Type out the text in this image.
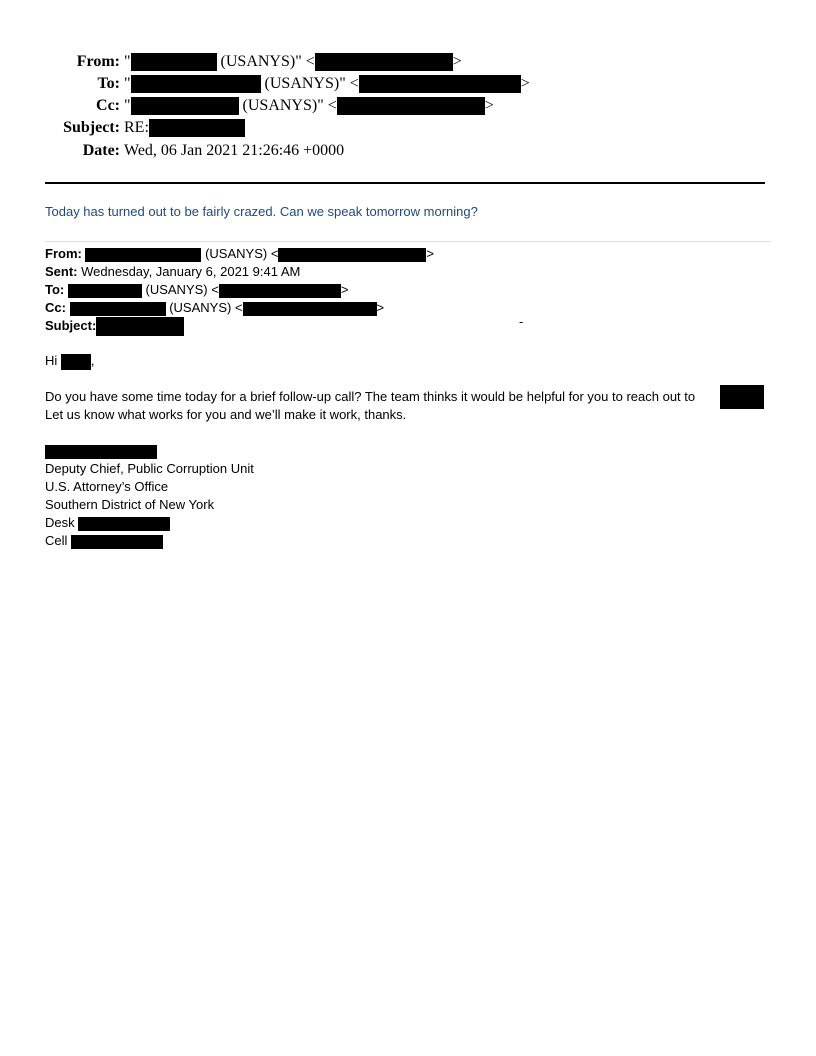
From: "	(USANYS)" <	>
To: "	(USANYS)" <	>
Cc: "	(USANYS)" <	>
Subject: RE:
Date: Wed, 06 Jan 2021 21:26:46 +0000
Today has turned out to be fairly crazed. Can we speak tomorrow morning?
From:	(USANYS) <	>
Sent: Wednesday, January 6, 2021 9:41 AM
To:	(USANYS) <	>
Cc:	(USANYS) <	>
Subject:	-
Hi	,
Do you have some time today for a brief follow-up call? The team thinks it would be helpful for you to reach out to
Let us know what works for you and we’ll make it work, thanks.
Deputy Chief, Public Corruption Unit
U.S. Attorney’s Office
Southern District of New York
Desk
Cell
